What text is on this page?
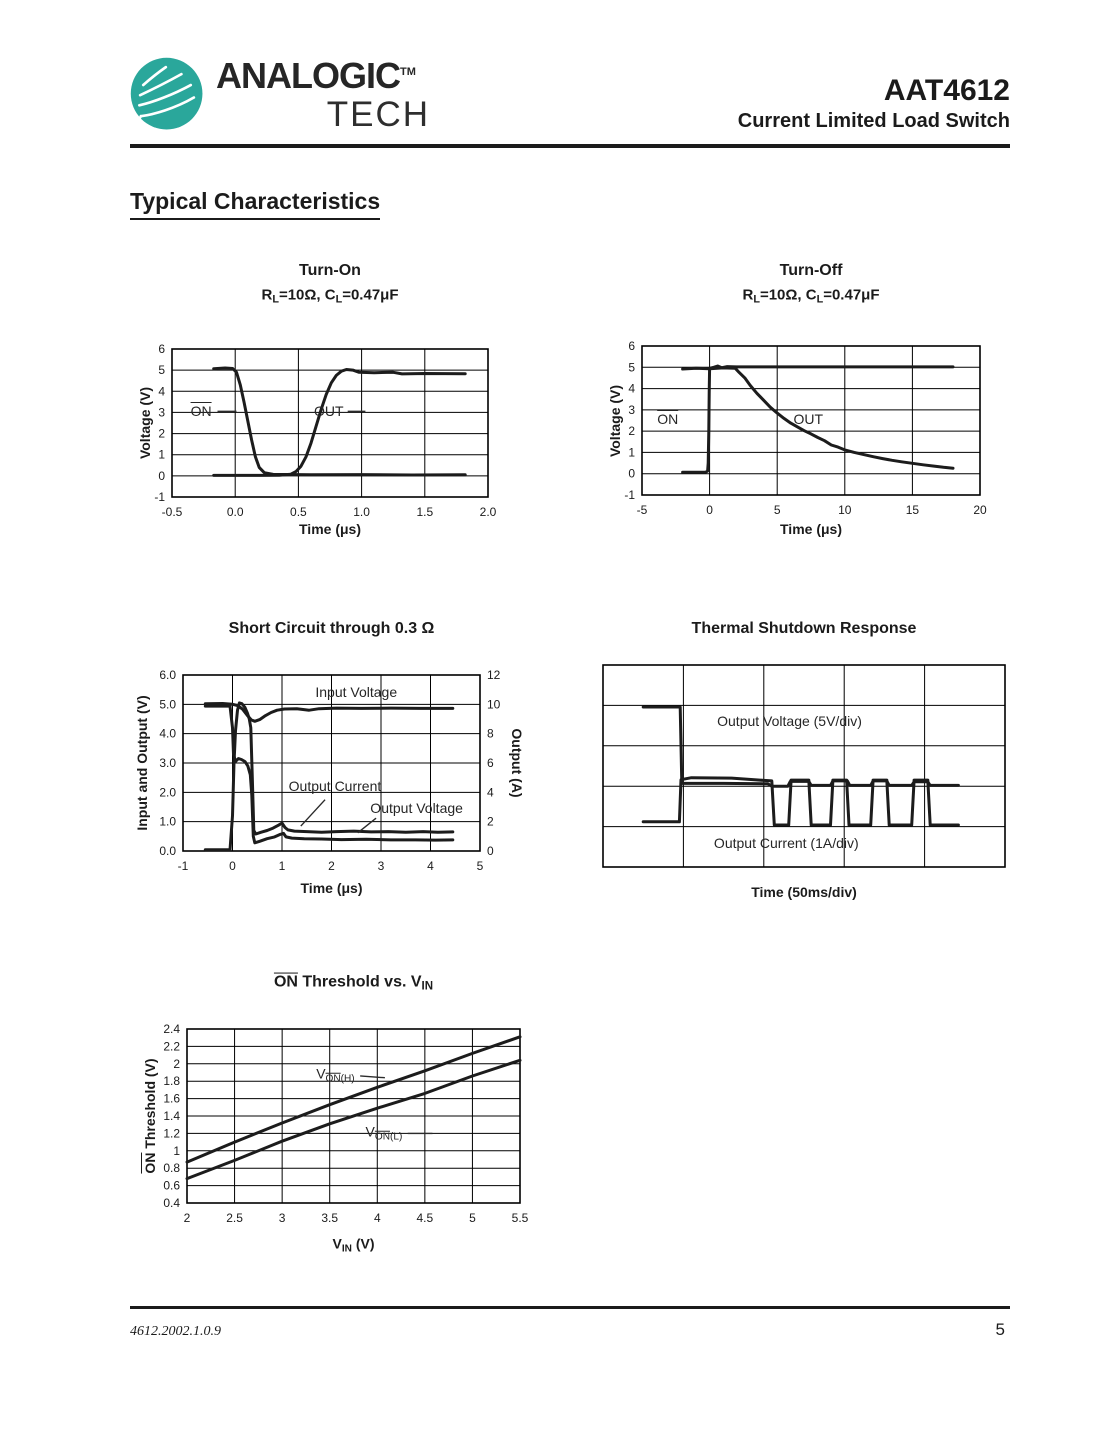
ANALOGIC™
TECH
AAT4612
Current Limited Load Switch
Typical Characteristics
-0.5	0.0	0.5	1.0	1.5	2.0
6
5
4
3
2
1
0
-1
$\overline{ON}$	OUT
Turn-On
RL=10Ω, CL=0.47μF
Time (μs)
Voltage (V)
-5	0	5	10	15	20
6
5
4
3
2
1
0
-1
$\overline{ON}$	OUT
Turn-Off
RL=10Ω, CL=0.47μF
Time (μs)
Voltage (V)
-1	0	1	2	3	4	5
0.0
1.0
2.0
3.0
4.0
5.0
6.0
0
2
4
6
8
10
12
Input Voltage
Output Current
Output Voltage
Short Circuit through 0.3 Ω
Time (μs)
Input and Output (V)	Output (A)
Output Voltage (5V/div)
Output Current (1A/div)
Thermal Shutdown Response
Time (50ms/div)
2	2.5	3	3.5	4	4.5	5	5.5
0.4
0.6
0.8
1
1.2
1.4
1.6
1.8
2
2.2
2.4
$V\overline{ON}(H)$
$V\overline{ON}(L)$
$\overline{ON}$ Threshold vs. VIN
VIN (V)
$\overline{ON}$ Threshold (V)
4612.2002.1.0.9	5
